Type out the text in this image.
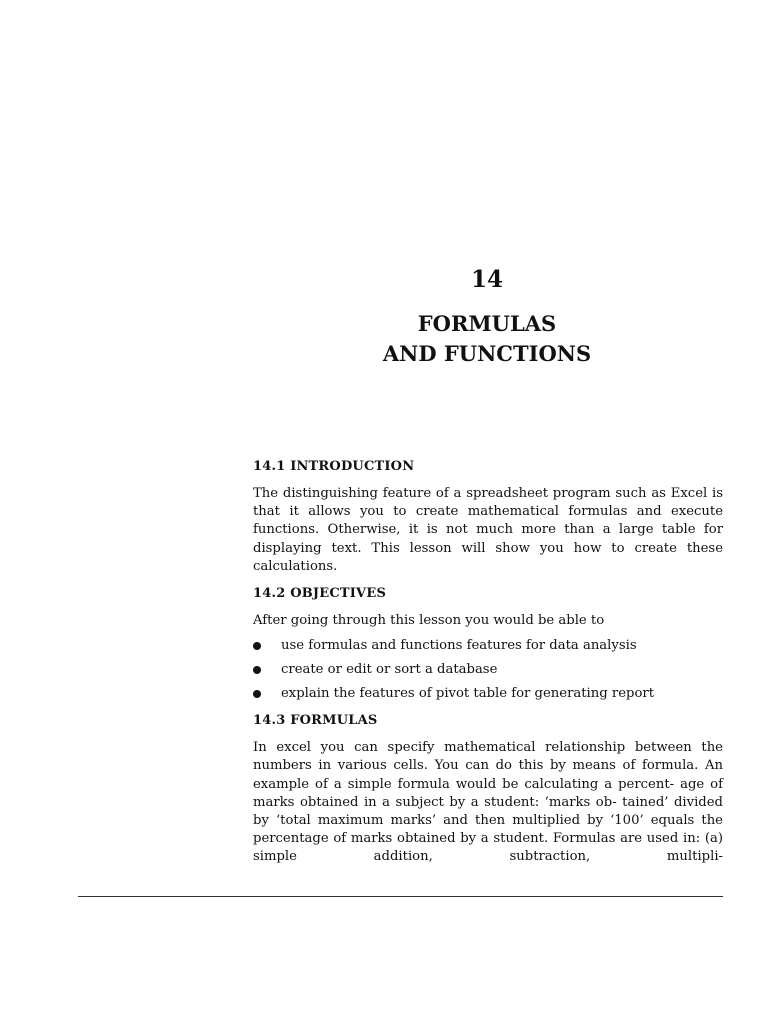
14
FORMULAS
AND FUNCTIONS
14.1 INTRODUCTION

The distinguishing feature of a spreadsheet program such as Excel is that it allows you to create mathematical formulas and execute functions. Otherwise, it is not much more than a large table for displaying text. This lesson will show you how to create these calculations.

14.2 OBJECTIVES

After going through this lesson you would be able to

use formulas and functions features for data analysis
create or edit or sort a database
explain the features of pivot table for generating report
14.3 FORMULAS

In excel you can specify mathematical relationship between the numbers in various cells. You can do this by means of formula. An example of a simple formula would be calculating a percent- age of marks obtained in a subject by a student: ‘marks ob- tained’ divided by ‘total maximum marks’ and then multiplied by ‘100’ equals the percentage of marks obtained by a student. Formulas are used in: (a) simple addition, subtraction, multipli-
